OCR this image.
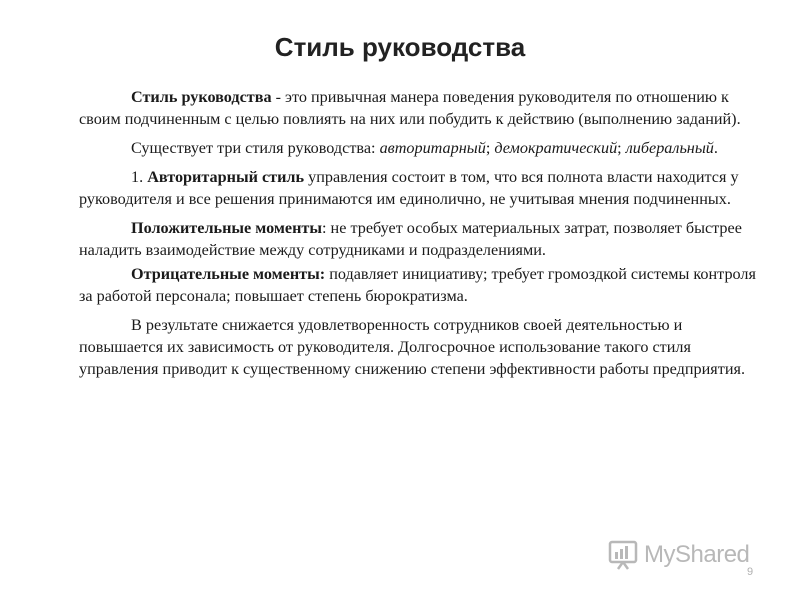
Стиль руководства

Стиль руководства - это привычная манера поведения руководителя по отношению к своим подчиненным с целью повлиять на них или побудить к действию (выполнению заданий).

Существует три стиля руководства: авторитарный; демократический; либеральный.

1. Авторитарный стиль управления состоит в том, что вся полнота власти находится у руководителя и все решения принимаются им единолично, не учитывая мнения подчиненных.

Положительные моменты: не требует особых материальных затрат, позволяет быстрее наладить взаимодействие между сотрудниками и подразделениями.

Отрицательные моменты: подавляет инициативу; требует громоздкой системы контроля за работой персонала; повышает степень бюрократизма.

В результате снижается удовлетворенность сотрудников своей деятельностью и повышается их зависимость от руководителя. Долгосрочное использование такого стиля управления приводит к существенному снижению степени эффективности работы предприятия.

MyShared
9
